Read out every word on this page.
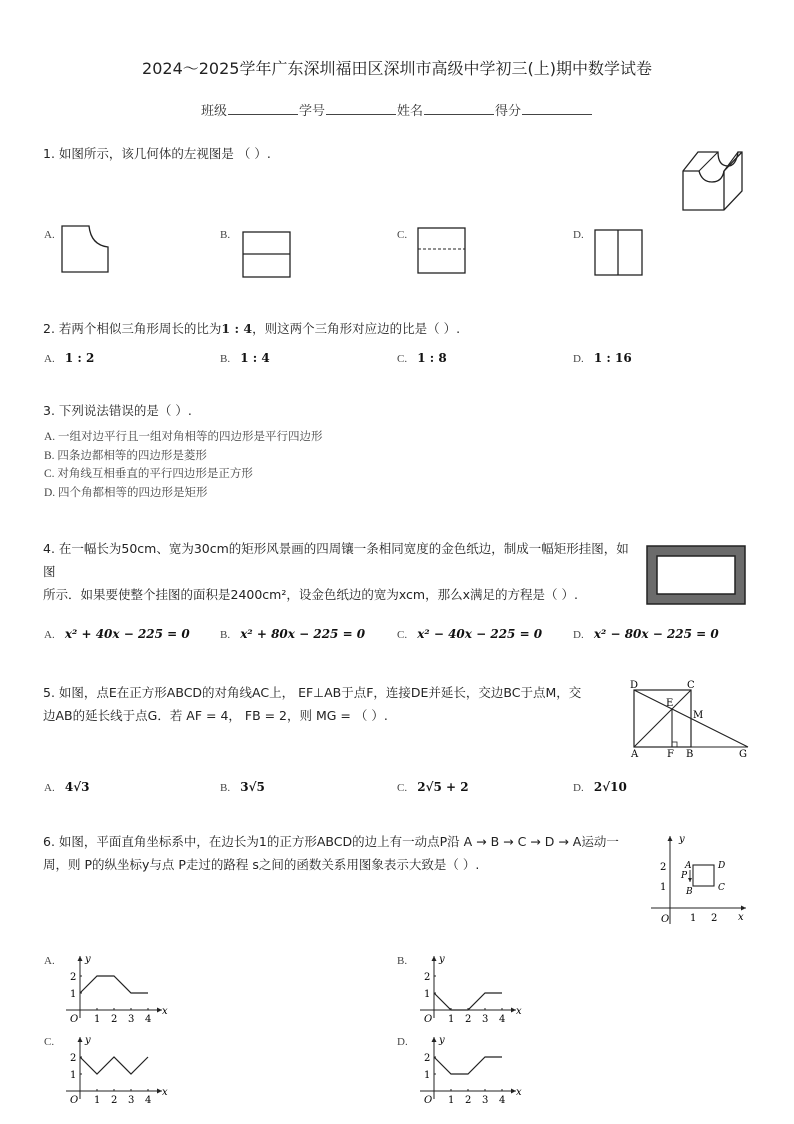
2024～2025学年广东深圳福田区深圳市高级中学初三(上)期中数学试卷
班级	学号	姓名	得分
1. 如图所示，该几何体的左视图是 （ ）.
A.	B.	C.	D.
2. 若两个相似三角形周长的比为1 : 4，则这两个三角形对应边的比是（ ）.
A. 1 : 2	B. 1 : 4	C. 1 : 8	D. 1 : 16
3. 下列说法错误的是（ ）.
A. 一组对边平行且一组对角相等的四边形是平行四边形
B. 四条边都相等的四边形是菱形
C. 对角线互相垂直的平行四边形是正方形
D. 四个角都相等的四边形是矩形
4. 在一幅长为50cm、宽为30cm的矩形风景画的四周镶一条相同宽度的金色纸边，制成一幅矩形挂图，如图
所示．如果要使整个挂图的面积是2400cm²，设金色纸边的宽为xcm，那么x满足的方程是（ ）.
A. x² + 40x − 225 = 0	B. x² + 80x − 225 = 0	C. x² − 40x − 225 = 0	D. x² − 80x − 225 = 0
5. 如图，点E在正方形ABCD的对角线AC上， EF⊥AB于点F，连接DE并延长，交边BC于点M，交
边AB的延长线于点G．若 AF = 4， FB = 2，则 MG = （ ）.
D	C
E
M
A	F B	G
A. 4√3	B. 3√5	C. 2√5 + 2	D. 2√10
6. 如图，平面直角坐标系中，在边长为1的正方形ABCD的边上有一动点P沿 A → B → C → D → A运动一
周，则 P的纵坐标y与点 P走过的路程 s之间的函数关系用图象表示大致是（ ）.
y
x
O
2
1
1 2
A	D
P
B	C
A.	B.
C.	D.
y
x
O 1 2 3 4
1
2
y
x
O 1 2 3 4
1
2
y
x
O 1 2 3 4
1
2
y
x
O 1 2 3 4
1
2
